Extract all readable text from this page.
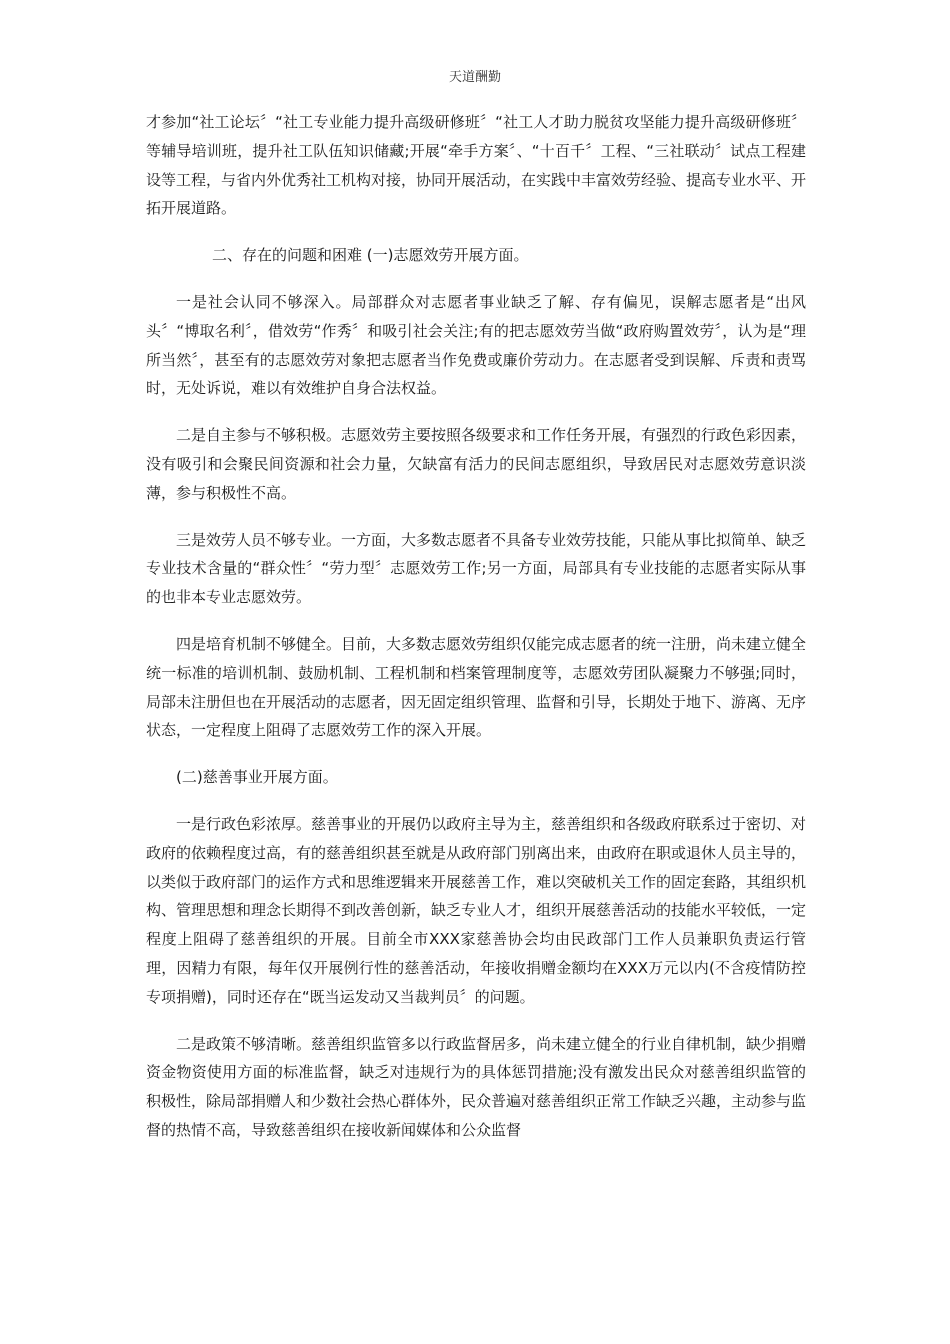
天道酬勤

才参加“社工论坛〞“社工专业能力提升高级研修班〞“社工人才助力脱贫攻坚能力提升高级研修班〞等辅导培训班，提升社工队伍知识储藏;开展“牵手方案〞、“十百千〞工程、“三社联动〞试点工程建设等工程，与省内外优秀社工机构对接，协同开展活动，在实践中丰富效劳经验、提高专业水平、开拓开展道路。

二、存在的问题和困难 (一)志愿效劳开展方面。

一是社会认同不够深入。局部群众对志愿者事业缺乏了解、存有偏见，误解志愿者是“出风头〞“博取名利〞，借效劳“作秀〞和吸引社会关注;有的把志愿效劳当做“政府购置效劳〞，认为是“理所当然〞，甚至有的志愿效劳对象把志愿者当作免费或廉价劳动力。在志愿者受到误解、斥责和责骂时，无处诉说，难以有效维护自身合法权益。

二是自主参与不够积极。志愿效劳主要按照各级要求和工作任务开展，有强烈的行政色彩因素，没有吸引和会聚民间资源和社会力量，欠缺富有活力的民间志愿组织，导致居民对志愿效劳意识淡薄，参与积极性不高。

三是效劳人员不够专业。一方面，大多数志愿者不具备专业效劳技能，只能从事比拟简单、缺乏专业技术含量的“群众性〞“劳力型〞志愿效劳工作;另一方面，局部具有专业技能的志愿者实际从事的也非本专业志愿效劳。

四是培育机制不够健全。目前，大多数志愿效劳组织仅能完成志愿者的统一注册，尚未建立健全统一标准的培训机制、鼓励机制、工程机制和档案管理制度等，志愿效劳团队凝聚力不够强;同时，局部未注册但也在开展活动的志愿者，因无固定组织管理、监督和引导，长期处于地下、游离、无序状态，一定程度上阻碍了志愿效劳工作的深入开展。

(二)慈善事业开展方面。

一是行政色彩浓厚。慈善事业的开展仍以政府主导为主，慈善组织和各级政府联系过于密切、对政府的依赖程度过高，有的慈善组织甚至就是从政府部门别离出来，由政府在职或退休人员主导的，以类似于政府部门的运作方式和思维逻辑来开展慈善工作，难以突破机关工作的固定套路，其组织机构、管理思想和理念长期得不到改善创新，缺乏专业人才，组织开展慈善活动的技能水平较低，一定程度上阻碍了慈善组织的开展。目前全市XXX家慈善协会均由民政部门工作人员兼职负责运行管理，因精力有限，每年仅开展例行性的慈善活动，年接收捐赠金额均在XXX万元以内(不含疫情防控专项捐赠)，同时还存在“既当运发动又当裁判员〞的问题。

二是政策不够清晰。慈善组织监管多以行政监督居多，尚未建立健全的行业自律机制，缺少捐赠资金物资使用方面的标准监督，缺乏对违规行为的具体惩罚措施;没有激发出民众对慈善组织监管的积极性，除局部捐赠人和少数社会热心群体外，民众普遍对慈善组织正常工作缺乏兴趣，主动参与监督的热情不高，导致慈善组织在接收新闻媒体和公众监督
